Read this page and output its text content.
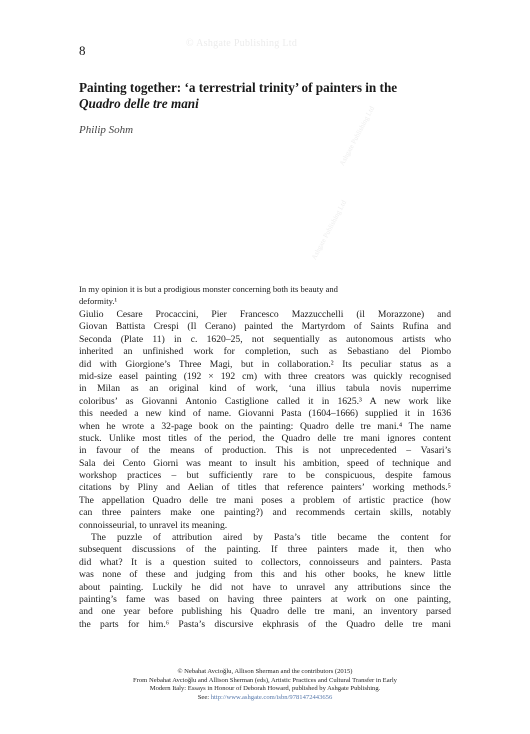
8	© Ashgate Publishing Ltd
Ashgate Publishing Ltd
Ashgate Publishing Ltd
Painting together: ‘a terrestrial trinity’ of painters in the
Quadro delle tre mani
Philip Sohm
In my opinion it is but a prodigious monster concerning both its beauty and
deformity.¹
Giulio Cesare Procaccini, Pier Francesco Mazzucchelli (il Morazzone) and
Giovan Battista Crespi (Il Cerano) painted the Martyrdom of Saints Rufina and
Seconda (Plate 11) in c. 1620–25, not sequentially as autonomous artists who
inherited an unfinished work for completion, such as Sebastiano del Piombo
did with Giorgione’s Three Magi, but in collaboration.² Its peculiar status as a
mid-size easel painting (192 × 192 cm) with three creators was quickly recognised
in Milan as an original kind of work, ‘una illius tabula novis nuperrime
coloribus’ as Giovanni Antonio Castiglione called it in 1625.³ A new work like
this needed a new kind of name. Giovanni Pasta (1604–1666) supplied it in 1636
when he wrote a 32-page book on the painting: Quadro delle tre mani.⁴ The name
stuck. Unlike most titles of the period, the Quadro delle tre mani ignores content
in favour of the means of production. This is not unprecedented – Vasari’s
Sala dei Cento Giorni was meant to insult his ambition, speed of technique and
workshop practices – but sufficiently rare to be conspicuous, despite famous
citations by Pliny and Aelian of titles that reference painters’ working methods.⁵
The appellation Quadro delle tre mani poses a problem of artistic practice (how
can three painters make one painting?) and recommends certain skills, notably
connoisseurial, to unravel its meaning.
The puzzle of attribution aired by Pasta’s title became the content for
subsequent discussions of the painting. If three painters made it, then who
did what? It is a question suited to collectors, connoisseurs and painters. Pasta
was none of these and judging from this and his other books, he knew little
about painting. Luckily he did not have to unravel any attributions since the
painting’s fame was based on having three painters at work on one painting,
and one year before publishing his Quadro delle tre mani, an inventory parsed
the parts for him.⁶ Pasta’s discursive ekphrasis of the Quadro delle tre mani
© Nebahat Avcioğlu, Allison Sherman and the contributors (2015)
From Nebahat Avcioğlu and Allison Sherman (eds), Artistic Practices and Cultural Transfer in Early
Modern Italy: Essays in Honour of Deborah Howard, published by Ashgate Publishing.
See: http://www.ashgate.com/isbn/9781472443656
